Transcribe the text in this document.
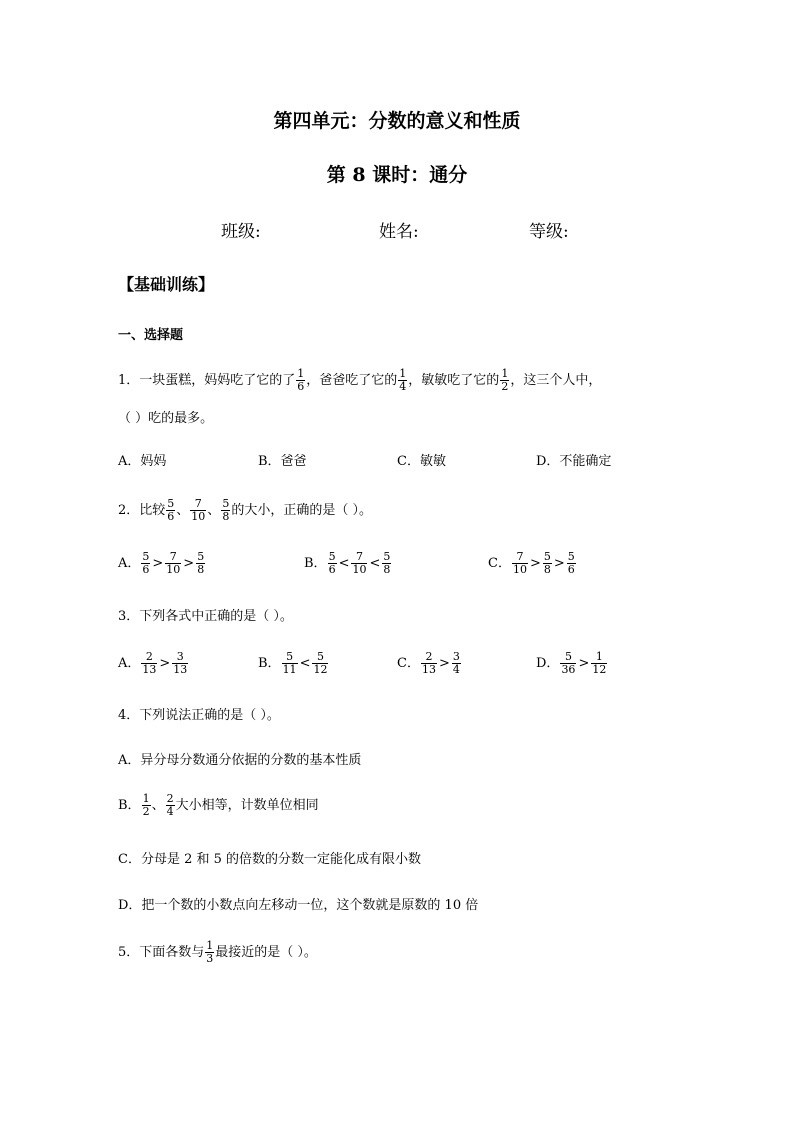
第四单元：分数的意义和性质
第 8 课时：通分
班级:	姓名:	等级:
【基础训练】
一、选择题
1．一块蛋糕，妈妈吃了它的了 $\frac{1}{6}$ ，爸爸吃了它的 $\frac{1}{4}$ ，敏敏吃了它的 $\frac{1}{2}$ ，这三个人中，
（ ）吃的最多。
A．妈妈	B．爸爸	C．敏敏	D．不能确定
2．比较 $\frac{5}{6}$ 、 $\frac{7}{10}$ 、 $\frac{5}{8}$ 的大小，正确的是（ ）。
A． $\frac{5}{6} > \frac{7}{10} > \frac{5}{8}$	B． $\frac{5}{6} < \frac{7}{10} < \frac{5}{8}$	C． $\frac{7}{10} > \frac{5}{8} > \frac{5}{6}$
3．下列各式中正确的是（ ）。
A． $\frac{2}{13} > \frac{3}{13}$	B． $\frac{5}{11} < \frac{5}{12}$	C． $\frac{2}{13} > \frac{3}{4}$	D． $\frac{5}{36} > \frac{1}{12}$
4．下列说法正确的是（ ）。
A．异分母分数通分依据的分数的基本性质
B． $\frac{1}{2}$ 、 $\frac{2}{4}$ 大小相等，计数单位相同
C．分母是 2 和 5 的倍数的分数一定能化成有限小数
D．把一个数的小数点向左移动一位，这个数就是原数的 10 倍
5．下面各数与 $\frac{1}{3}$ 最接近的是（ ）。
